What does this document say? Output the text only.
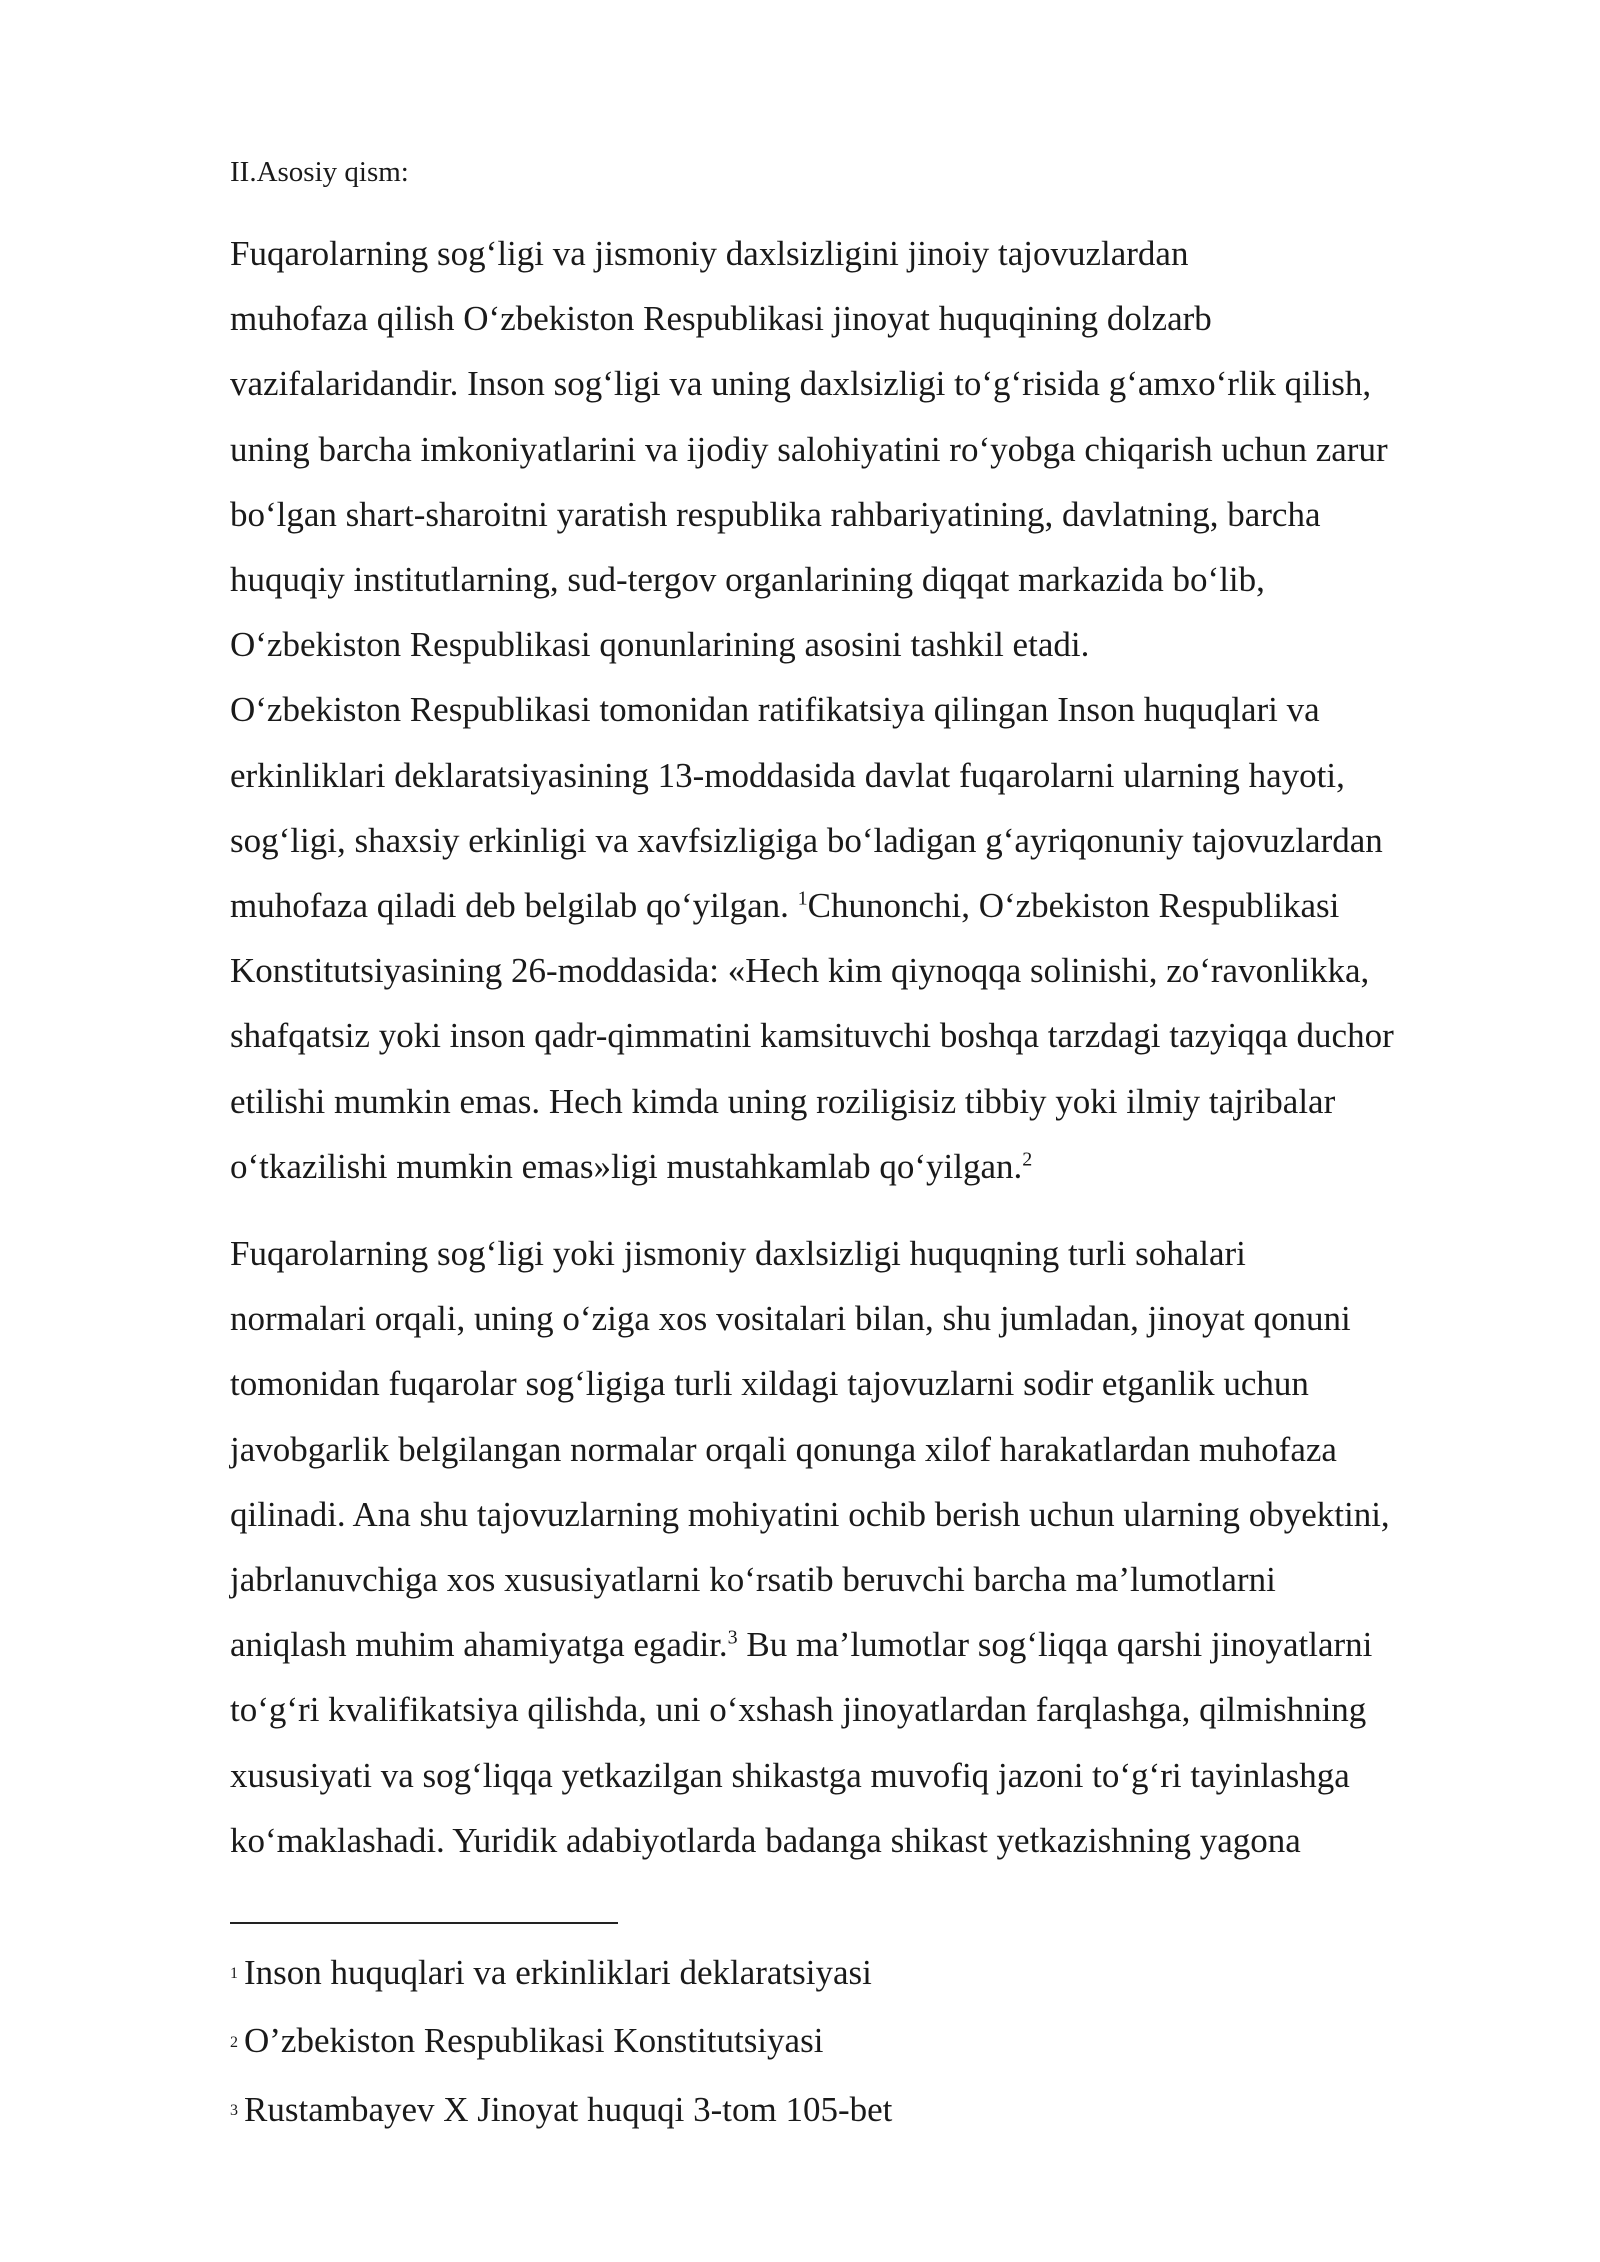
II.Asosiy qism:

Fuqarolarning sog‘ligi va jismoniy daxlsizligini jinoiy tajovuzlardan
muhofaza qilish O‘zbekiston Respublikasi jinoyat huquqining dolzarb
vazifalaridandir. Inson sog‘ligi va uning daxlsizligi to‘g‘risida g‘amxo‘rlik qilish,
uning barcha imkoniyatlarini va ijodiy salohiyatini ro‘yobga chiqarish uchun zarur
bo‘lgan shart-sharoitni yaratish respublika rahbariyatining, davlatning, barcha
huquqiy institutlarning, sud-tergov organlarining diqqat markazida bo‘lib,
O‘zbekiston Respublikasi qonunlarining asosini tashkil etadi.
O‘zbekiston Respublikasi tomonidan ratifikatsiya qilingan Inson huquqlari va
erkinliklari deklaratsiyasining 13-moddasida davlat fuqarolarni ularning hayoti,
sog‘ligi, shaxsiy erkinligi va xavfsizligiga bo‘ladigan g‘ayriqonuniy tajovuzlardan
muhofaza qiladi deb belgilab qo‘yilgan. $^1$Chunonchi, O‘zbekiston Respublikasi
Konstitutsiyasining 26-moddasida: «Hech kim qiynoqqa solinishi, zo‘ravonlikka,
shafqatsiz yoki inson qadr-qimmatini kamsituvchi boshqa tarzdagi tazyiqqa duchor
etilishi mumkin emas. Hech kimda uning roziligisiz tibbiy yoki ilmiy tajribalar
o‘tkazilishi mumkin emas»ligi mustahkamlab qo‘yilgan.$^2$

Fuqarolarning sog‘ligi yoki jismoniy daxlsizligi huquqning turli sohalari
normalari orqali, uning o‘ziga xos vositalari bilan, shu jumladan, jinoyat qonuni
tomonidan fuqarolar sog‘ligiga turli xildagi tajovuzlarni sodir etganlik uchun
javobgarlik belgilangan normalar orqali qonunga xilof harakatlardan muhofaza
qilinadi. Ana shu tajovuzlarning mohiyatini ochib berish uchun ularning obyektini,
jabrlanuvchiga xos xususiyatlarni ko‘rsatib beruvchi barcha ma’lumotlarni
aniqlash muhim ahamiyatga egadir.$^3$ Bu ma’lumotlar sog‘liqqa qarshi jinoyatlarni
to‘g‘ri kvalifikatsiya qilishda, uni o‘xshash jinoyatlardan farqlashga, qilmishning
xususiyati va sog‘liqqa yetkazilgan shikastga muvofiq jazoni to‘g‘ri tayinlashga
ko‘maklashadi. Yuridik adabiyotlarda badanga shikast yetkazishning yagona

1 Inson huquqlari va erkinliklari deklaratsiyasi
2 O’zbekiston Respublikasi Konstitutsiyasi
3 Rustambayev X Jinoyat huquqi 3-tom 105-bet
